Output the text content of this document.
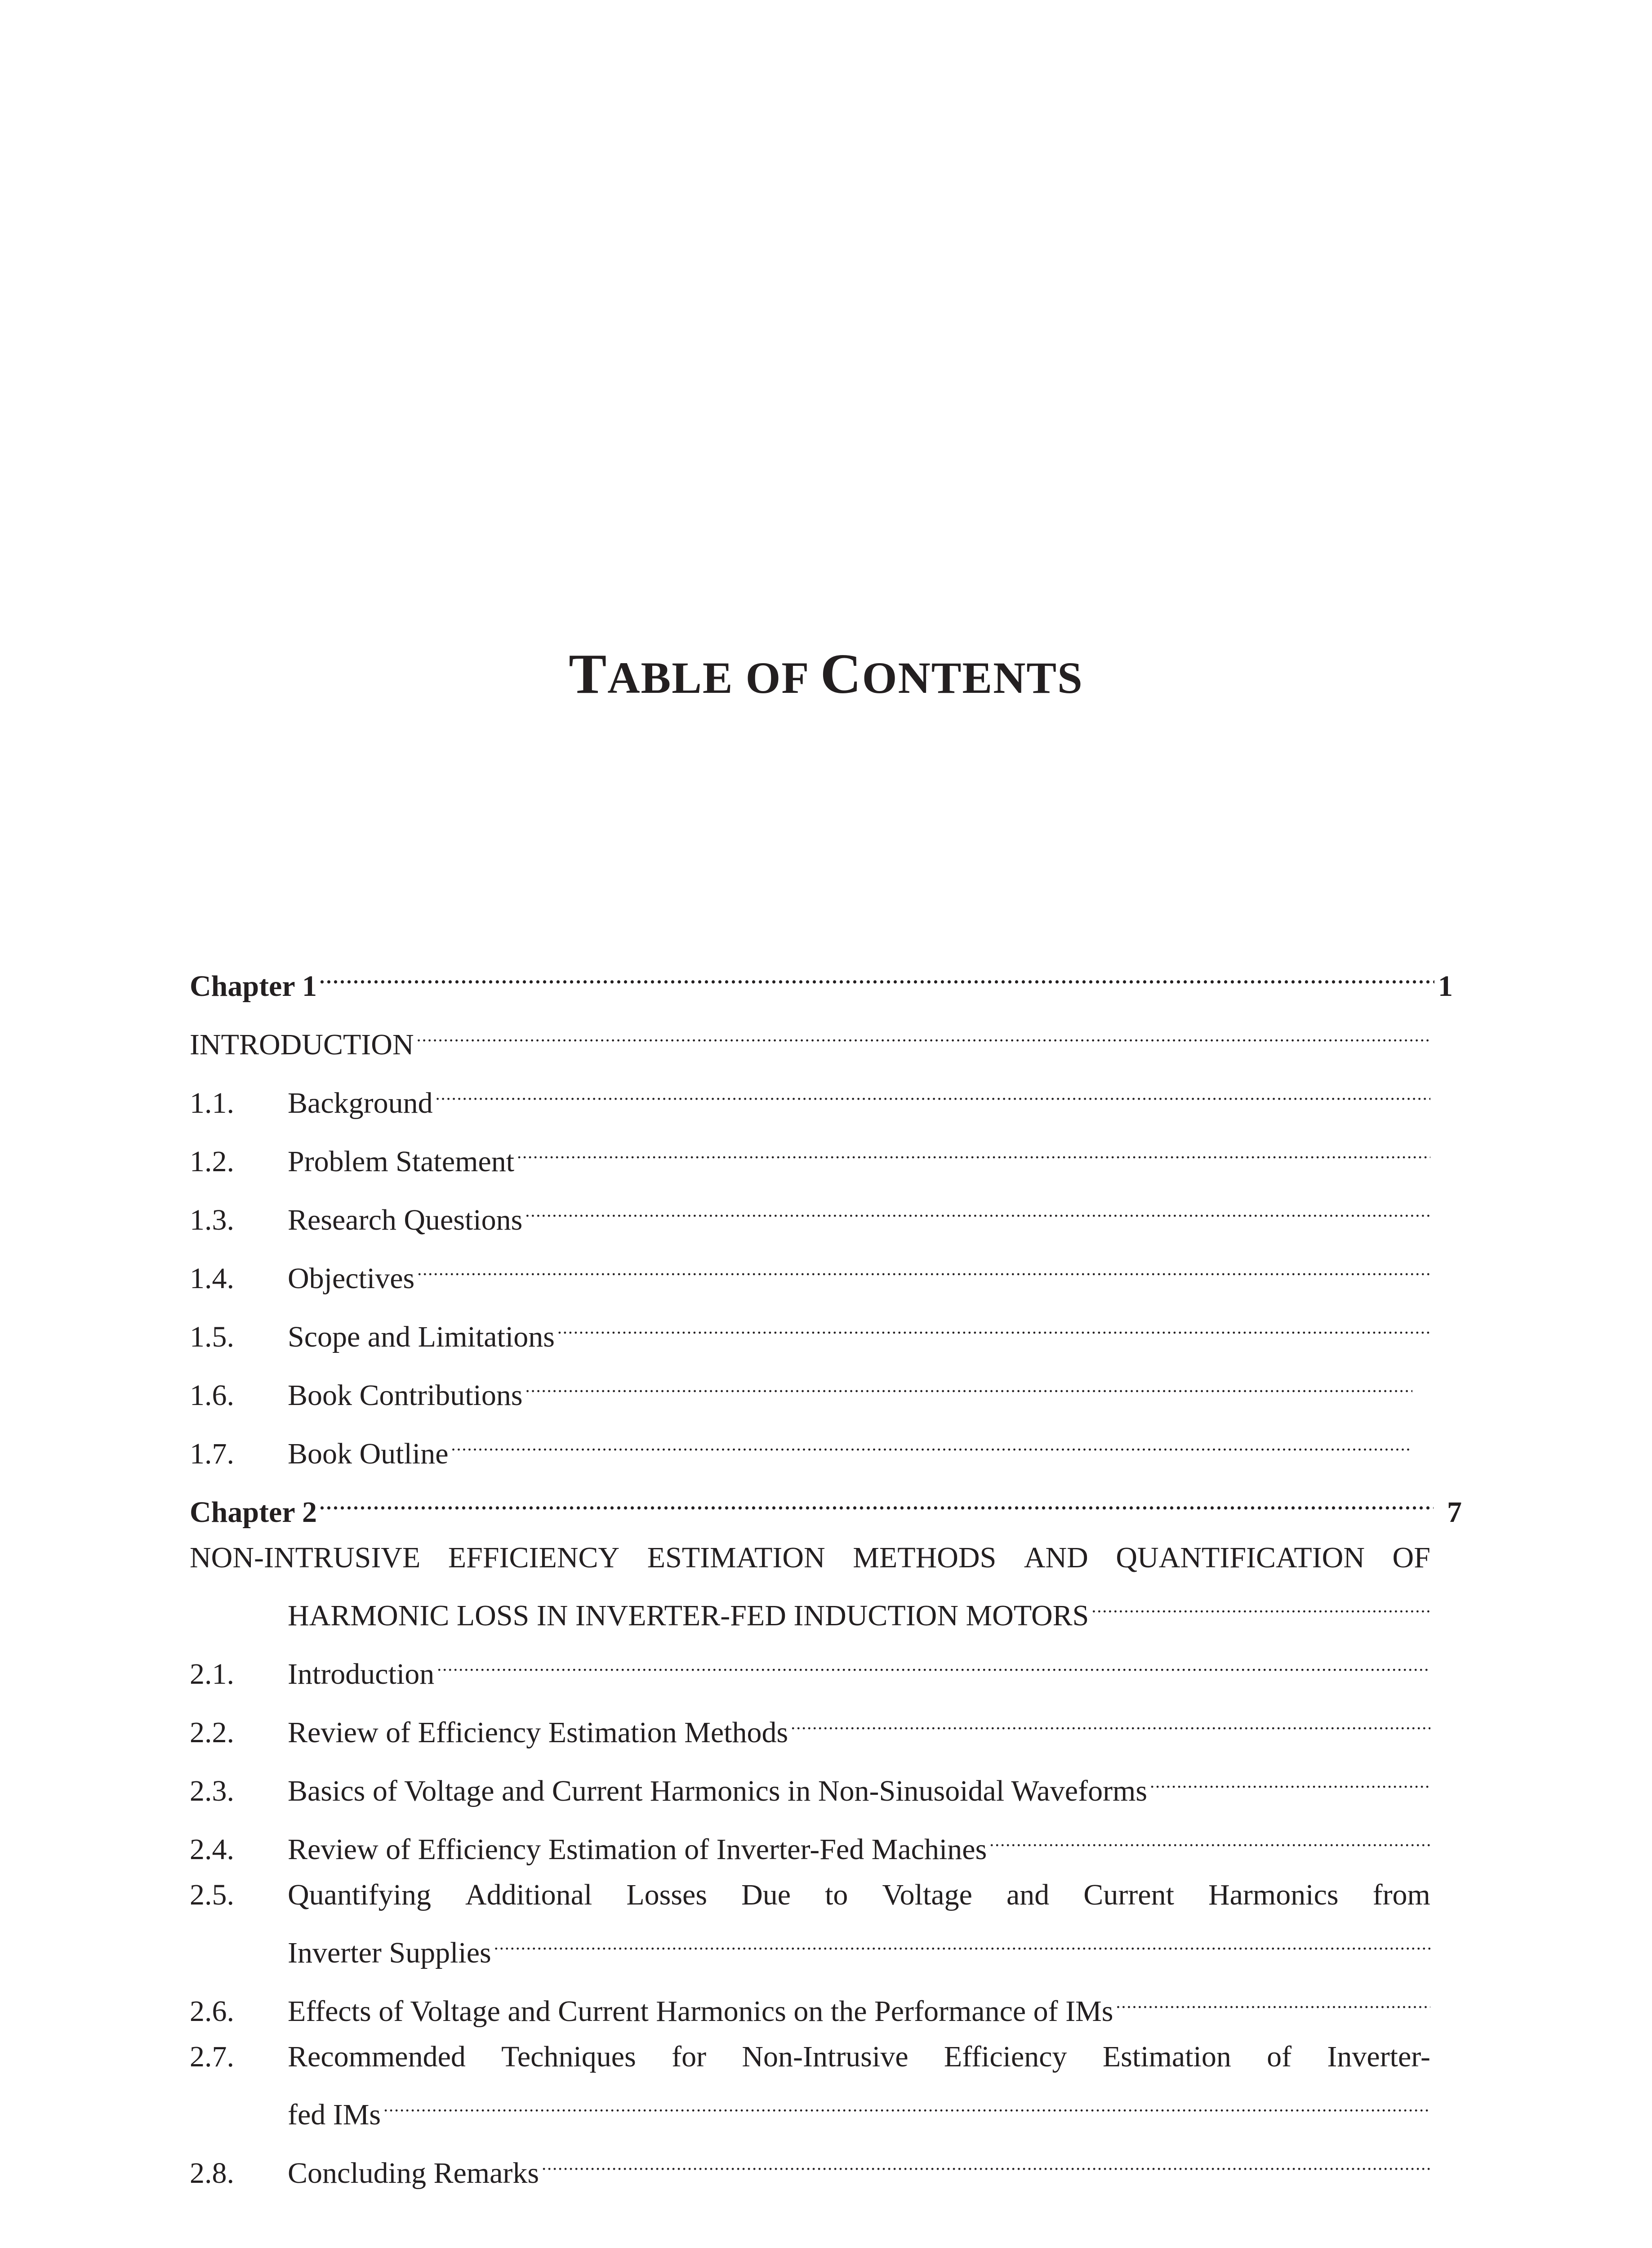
TABLE OF CONTENTS
Chapter 1 .....	1
INTRODUCTION
.....
1.1.	Background
.....
1.2.	Problem Statement
.....
1.3.	Research Questions
.....
1.4.	Objectives
.....
1.5.	Scope and Limitations
.....
1.6.	Book Contributions
.....
1.7.	Book Outline
.....
Chapter 2 .....	7
NON-INTRUSIVE EFFICIENCY ESTIMATION METHODS AND QUANTIFICATION OF
HARMONIC LOSS IN INVERTER-FED INDUCTION MOTORS
.....
2.1.	Introduction
.....
2.2.	Review of Efficiency Estimation Methods
.....
2.3.	Basics of Voltage and Current Harmonics in Non-Sinusoidal Waveforms
.....
2.4.	Review of Efficiency Estimation of Inverter-Fed Machines
.....
2.5.	Quantifying Additional Losses Due to Voltage and Current Harmonics from
Inverter Supplies
.....
2.6.	Effects of Voltage and Current Harmonics on the Performance of IMs
.....
2.7.	Recommended Techniques for Non-Intrusive Efficiency Estimation of Inverter-
fed IMs
.....
2.8.	Concluding Remarks
.....
